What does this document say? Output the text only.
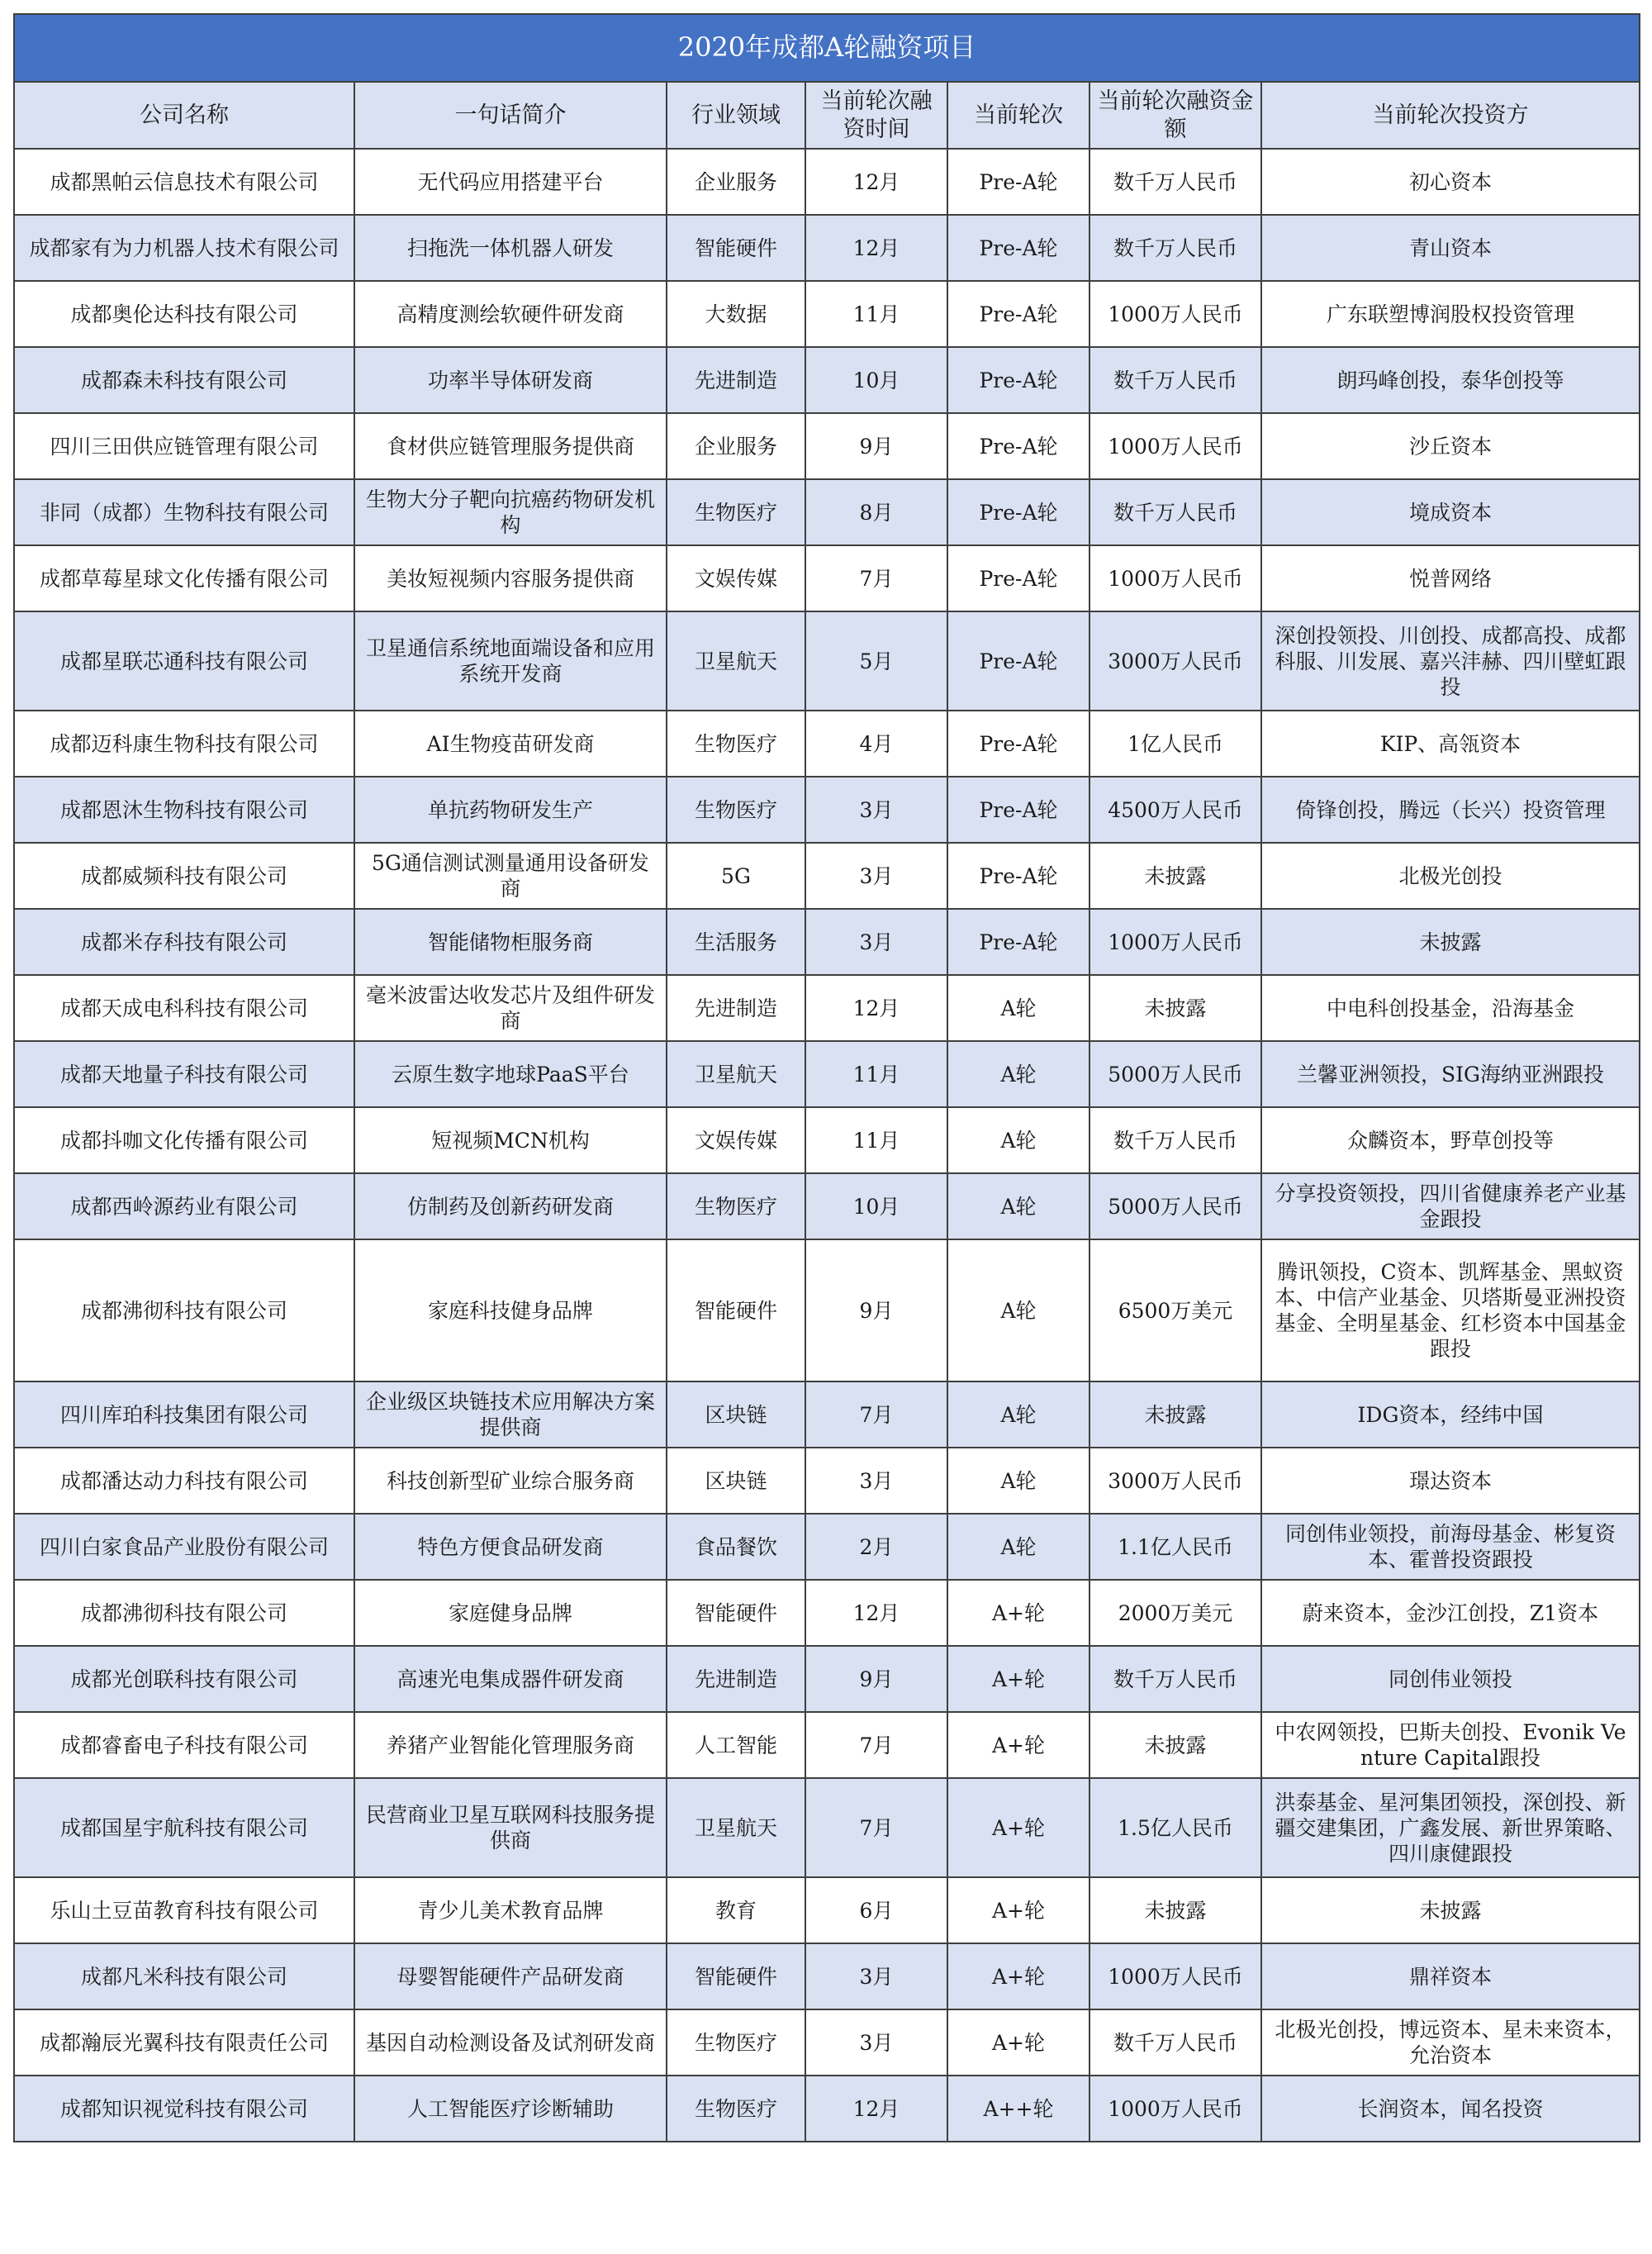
2020年成都A轮融资项目						
公司名称	一句话简介	行业领域	当前轮次融资时间	当前轮次	当前轮次融资金额	当前轮次投资方
成都黑帕云信息技术有限公司	无代码应用搭建平台	企业服务	12月	Pre-A轮	数千万人民币	初心资本
成都家有为力机器人技术有限公司	扫拖洗一体机器人研发	智能硬件	12月	Pre-A轮	数千万人民币	青山资本
成都奥伦达科技有限公司	高精度测绘软硬件研发商	大数据	11月	Pre-A轮	1000万人民币	广东联塑博润股权投资管理
成都森未科技有限公司	功率半导体研发商	先进制造	10月	Pre-A轮	数千万人民币	朗玛峰创投，泰华创投等
四川三田供应链管理有限公司	食材供应链管理服务提供商	企业服务	9月	Pre-A轮	1000万人民币	沙丘资本
非同（成都）生物科技有限公司	生物大分子靶向抗癌药物研发机构	生物医疗	8月	Pre-A轮	数千万人民币	境成资本
成都草莓星球文化传播有限公司	美妆短视频内容服务提供商	文娱传媒	7月	Pre-A轮	1000万人民币	悦普网络
成都星联芯通科技有限公司	卫星通信系统地面端设备和应用系统开发商	卫星航天	5月	Pre-A轮	3000万人民币	深创投领投、川创投、成都高投、成都科服、川发展、嘉兴沣赫、四川壁虹跟投
成都迈科康生物科技有限公司	AI生物疫苗研发商	生物医疗	4月	Pre-A轮	1亿人民币	KIP、高瓴资本
成都恩沐生物科技有限公司	单抗药物研发生产	生物医疗	3月	Pre-A轮	4500万人民币	倚锋创投，腾远（长兴）投资管理
成都威频科技有限公司	5G通信测试测量通用设备研发商	5G	3月	Pre-A轮	未披露	北极光创投
成都米存科技有限公司	智能储物柜服务商	生活服务	3月	Pre-A轮	1000万人民币	未披露
成都天成电科科技有限公司	毫米波雷达收发芯片及组件研发商	先进制造	12月	A轮	未披露	中电科创投基金，沿海基金
成都天地量子科技有限公司	云原生数字地球PaaS平台	卫星航天	11月	A轮	5000万人民币	兰馨亚洲领投，SIG海纳亚洲跟投
成都抖咖文化传播有限公司	短视频MCN机构	文娱传媒	11月	A轮	数千万人民币	众麟资本，野草创投等
成都西岭源药业有限公司	仿制药及创新药研发商	生物医疗	10月	A轮	5000万人民币	分享投资领投，四川省健康养老产业基金跟投
成都沸彻科技有限公司	家庭科技健身品牌	智能硬件	9月	A轮	6500万美元	腾讯领投，C资本、凯辉基金、黑蚁资本、中信产业基金、贝塔斯曼亚洲投资基金、全明星基金、红杉资本中国基金跟投
四川库珀科技集团有限公司	企业级区块链技术应用解决方案提供商	区块链	7月	A轮	未披露	IDG资本，经纬中国
成都潘达动力科技有限公司	科技创新型矿业综合服务商	区块链	3月	A轮	3000万人民币	璟达资本
四川白家食品产业股份有限公司	特色方便食品研发商	食品餐饮	2月	A轮	1.1亿人民币	同创伟业领投，前海母基金、彬复资本、霍普投资跟投
成都沸彻科技有限公司	家庭健身品牌	智能硬件	12月	A+轮	2000万美元	蔚来资本，金沙江创投，Z1资本
成都光创联科技有限公司	高速光电集成器件研发商	先进制造	9月	A+轮	数千万人民币	同创伟业领投
成都睿畜电子科技有限公司	养猪产业智能化管理服务商	人工智能	7月	A+轮	未披露	中农网领投，巴斯夫创投、Evonik Venture Capital跟投
成都国星宇航科技有限公司	民营商业卫星互联网科技服务提供商	卫星航天	7月	A+轮	1.5亿人民币	洪泰基金、星河集团领投，深创投、新疆交建集团，广鑫发展、新世界策略、四川康健跟投
乐山土豆苗教育科技有限公司	青少儿美术教育品牌	教育	6月	A+轮	未披露	未披露
成都凡米科技有限公司	母婴智能硬件产品研发商	智能硬件	3月	A+轮	1000万人民币	鼎祥资本
成都瀚辰光翼科技有限责任公司	基因自动检测设备及试剂研发商	生物医疗	3月	A+轮	数千万人民币	北极光创投，博远资本、星未来资本，允治资本
成都知识视觉科技有限公司	人工智能医疗诊断辅助	生物医疗	12月	A++轮	1000万人民币	长润资本，闻名投资
